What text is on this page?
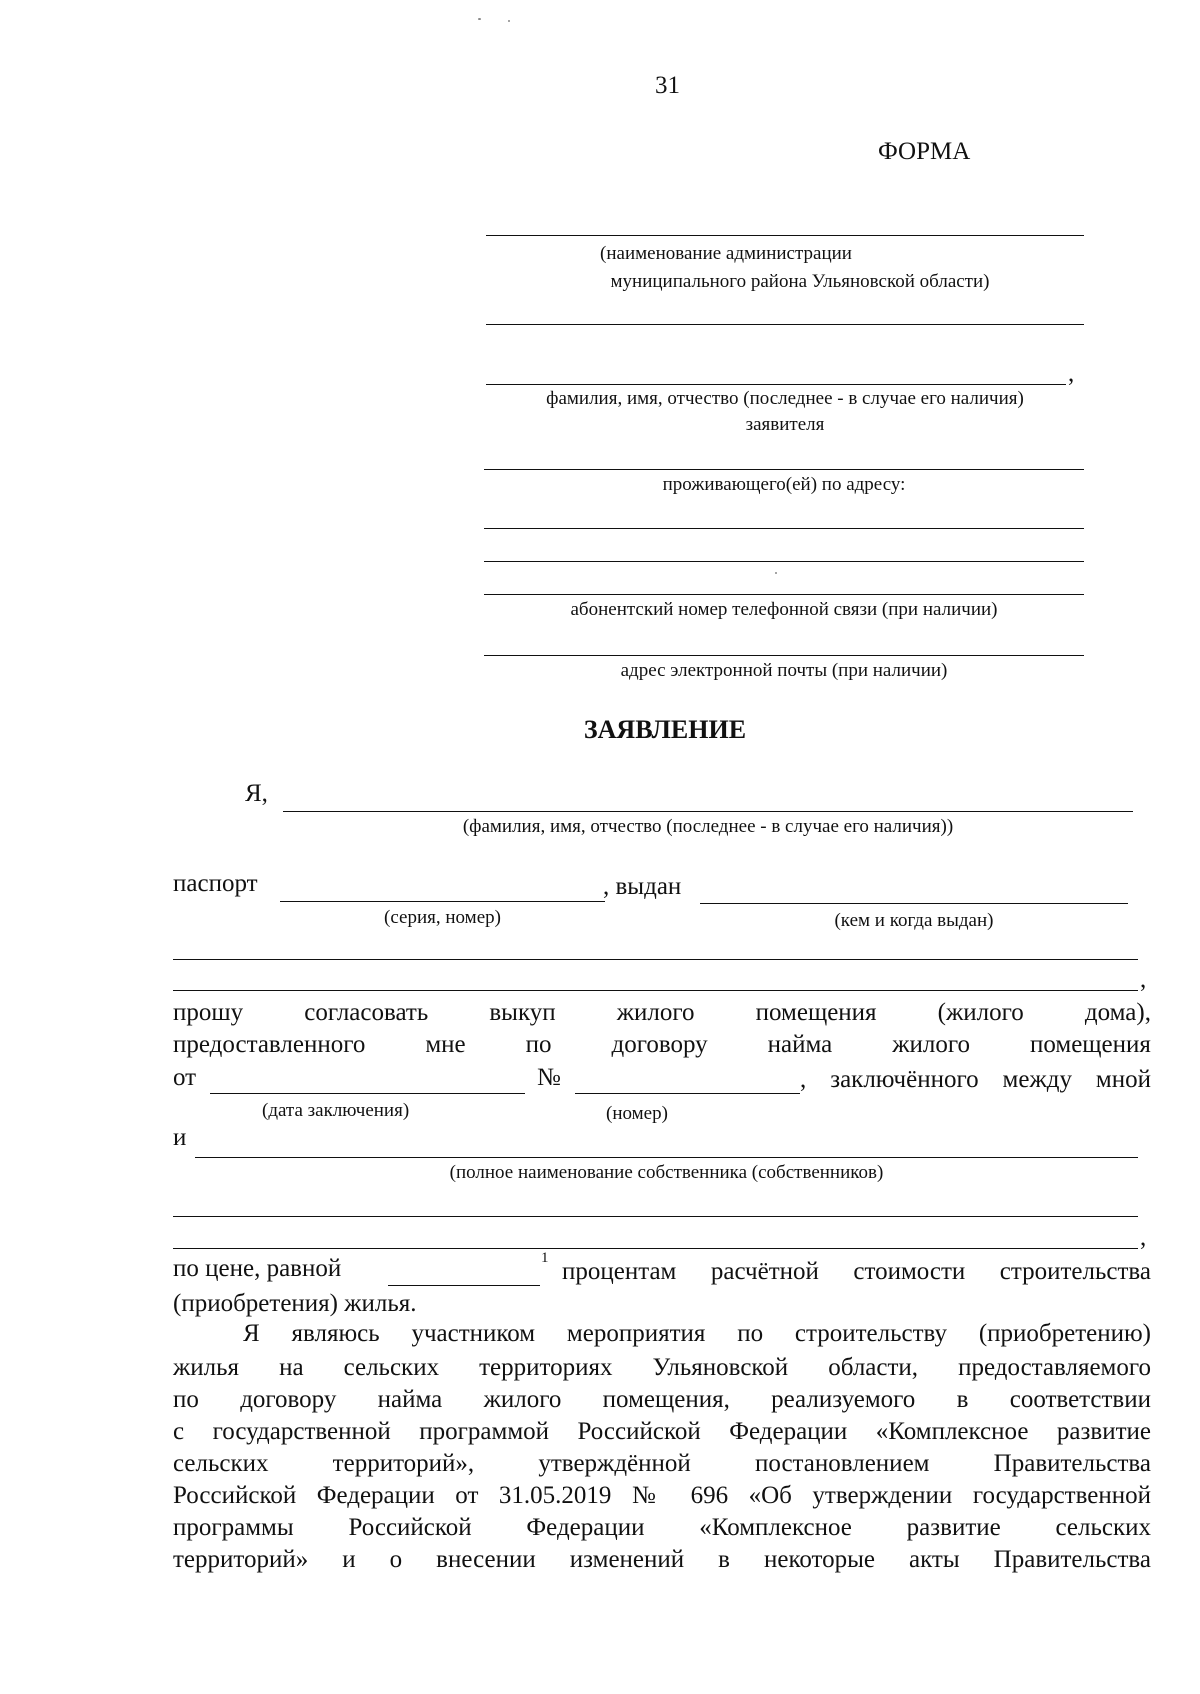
31
ФОРМА
(наименование администрации
муниципального района Ульяновской области)
,
фамилия, имя, отчество (последнее - в случае его наличия)
заявителя
проживающего(ей) по адресу:
абонентский номер телефонной связи (при наличии)
адрес электронной почты (при наличии)
ЗАЯВЛЕНИЕ
Я,
(фамилия, имя, отчество (последнее - в случае его наличия))
паспорт	, выдан
(серия, номер)	(кем и когда выдан)
,
прошу согласовать выкуп жилого помещения (жилого дома),
предоставленного мне по договору найма жилого помещения
от	№	, заключённого между мной
(дата заключения)	(номер)
и
(полное наименование собственника (собственников)
,
по цене, равной	1 процентам расчётной стоимости строительства
(приобретения) жилья.
Я являюсь участником мероприятия по строительству (приобретению)
жилья на сельских территориях Ульяновской области, предоставляемого
по договору найма жилого помещения, реализуемого в соответствии
с государственной программой Российской Федерации «Комплексное развитие
сельских территорий», утверждённой постановлением Правительства
Российской Федерации от 31.05.2019 № 696 «Об утверждении государственной
программы Российской Федерации «Комплексное развитие сельских
территорий» и о внесении изменений в некоторые акты Правительства
